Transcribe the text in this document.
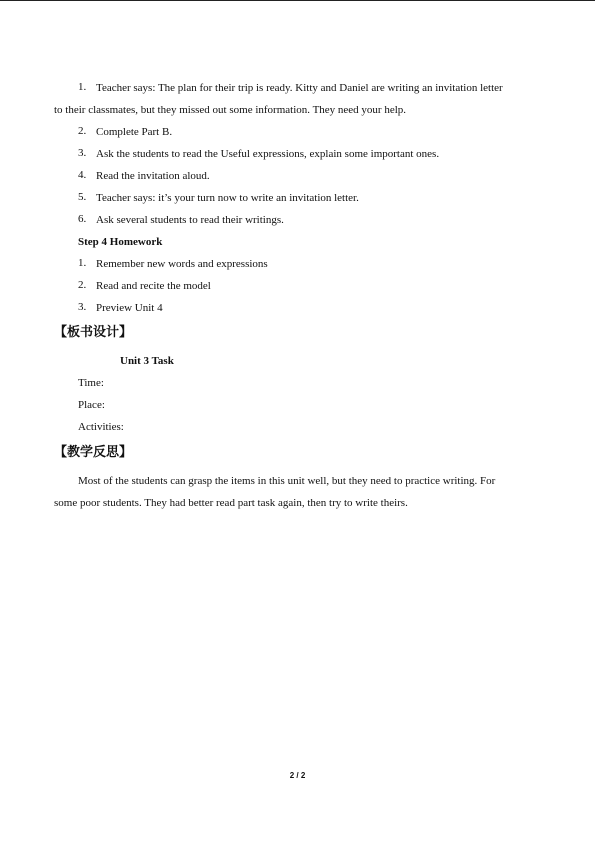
1. Teacher says: The plan for their trip is ready. Kitty and Daniel are writing an invitation letter
to their classmates, but they missed out some information. They need your help.
2. Complete Part B.
3. Ask the students to read the Useful expressions, explain some important ones.
4. Read the invitation aloud.
5. Teacher says: it’s your turn now to write an invitation letter.
6. Ask several students to read their writings.
Step 4 Homework
1. Remember new words and expressions
2. Read and recite the model
3. Preview Unit 4
【板书设计】
Unit 3 Task
Time:
Place:
Activities:
【教学反思】
Most of the students can grasp the items in this unit well, but they need to practice writing. For
some poor students. They had better read part task again, then try to write theirs.
2 / 2
